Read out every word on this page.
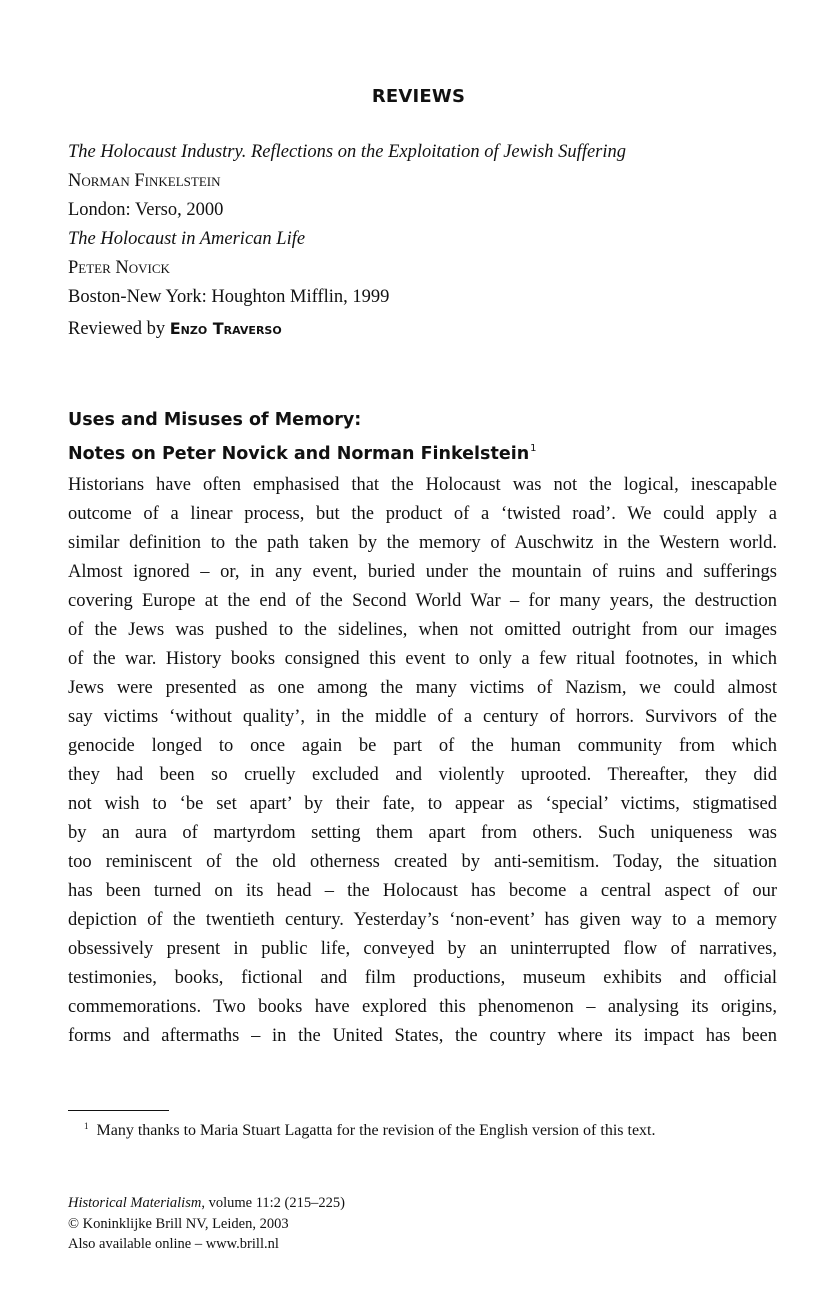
REVIEWS
The Holocaust Industry. Reflections on the Exploitation of Jewish Suffering
Norman Finkelstein
London: Verso, 2000
The Holocaust in American Life
Peter Novick
Boston-New York: Houghton Mifflin, 1999
Reviewed by Enzo Traverso
Uses and Misuses of Memory:
Notes on Peter Novick and Norman Finkelstein$^1$
Historians have often emphasised that the Holocaust was not the logical, inescapable
outcome of a linear process, but the product of a ‘twisted road’. We could apply a
similar definition to the path taken by the memory of Auschwitz in the Western world.
Almost ignored – or, in any event, buried under the mountain of ruins and sufferings
covering Europe at the end of the Second World War – for many years, the destruction
of the Jews was pushed to the sidelines, when not omitted outright from our images
of the war. History books consigned this event to only a few ritual footnotes, in which
Jews were presented as one among the many victims of Nazism, we could almost
say victims ‘without quality’, in the middle of a century of horrors. Survivors of the
genocide longed to once again be part of the human community from which
they had been so cruelly excluded and violently uprooted. Thereafter, they did
not wish to ‘be set apart’ by their fate, to appear as ‘special’ victims, stigmatised
by an aura of martyrdom setting them apart from others. Such uniqueness was
too reminiscent of the old otherness created by anti-semitism. Today, the situation
has been turned on its head – the Holocaust has become a central aspect of our
depiction of the twentieth century. Yesterday’s ‘non-event’ has given way to a memory
obsessively present in public life, conveyed by an uninterrupted flow of narratives,
testimonies, books, fictional and film productions, museum exhibits and official
commemorations. Two books have explored this phenomenon – analysing its origins,
forms and aftermaths – in the United States, the country where its impact has been
$^1$ Many thanks to Maria Stuart Lagatta for the revision of the English version of this text.
Historical Materialism, volume 11:2 (215–225)
© Koninklijke Brill NV, Leiden, 2003
Also available online – www.brill.nl
